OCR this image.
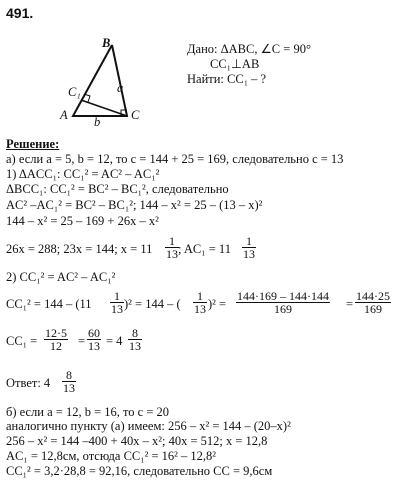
491.
B
C₁
A	C
a
b
Дано: ΔABC, ∠C = 90°
CC₁⊥AB
Найти: CC₁ – ?
Решение:
а) если a = 5, b = 12, то c = 144 + 25 = 169, следовательно c = 13
1) ΔACC₁: CC₁² = AC² – AC₁²
ΔBCC₁: CC₁² = BC² – BC₁², следовательно
AC² –AC₁² = BC² – BC₁²; 144 – x² = 25 – (13 – x)²
144 – x² = 25 – 169 + 26x – x²
26x = 288; 23x = 144; $x = 11 \frac{1}{13}$ ; $AC_1 = 11 \frac{1}{13}$
2) CC₁² = AC² – AC₁²
$CC_1^2 = 144 - (11 \frac{1}{13} )^2 = 144$ – ( $\frac{1}{13} )^2 = \frac{144\cdot 169 - 144\cdot 144}{169} = \frac{144\cdot 25}{169}$
$CC_1 = \frac{12\cdot 5}{12} = \frac{60}{13} = 4 \frac{8}{13}$
Ответ: $4 \frac{8}{13}$
б) если a = 12, b = 16, то c = 20
аналогично пункту (а) имеем: 256 – x² = 144 – (20–x)²
256 – x² = 144 –400 + 40x – x²; 40x = 512; x = 12,8
AC₁ = 12,8см, отсюда CC₁² = 16² – 12,8²
CC₁² = 3,2·28,8 = 92,16, следовательно CC = 9,6см
